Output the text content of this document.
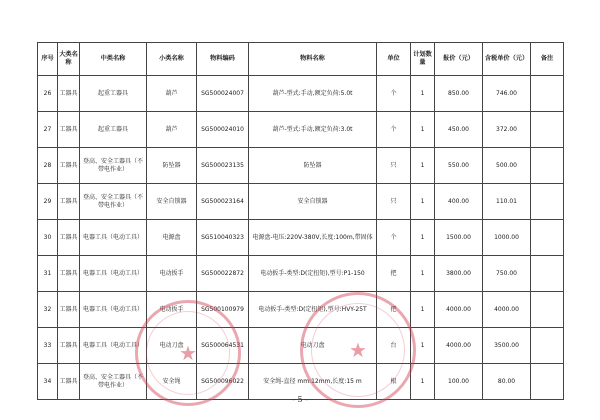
序号	大类名称	中类名称	小类名称	物料编码	物料名称	单位	计划数量	报价（元）	含税单价（元）	备注
26	工器具	起重工器具	葫芦	SG500024007	葫芦-型式:手动,额定负荷:5.0t	个	1	850.00	746.00	
27	工器具	起重工器具	葫芦	SG500024010	葫芦-型式:手动,额定负荷:3.0t	个	1	450.00	372.00	
28	工器具	登高、安全工器具（不带电作业）	防坠器	SG500023135	防坠器	只	1	550.00	500.00	
29	工器具	登高、安全工器具（不带电作业）	安全自锁器	SG500023164	安全自锁器	只	1	400.00	110.01	
30	工器具	电器工具（电动工具）	电源盘	SG510040323	电源盘-电压:220V-380V,长度:100m,带固体	个	1	1500.00	1000.00	
31	工器具	电器工具（电动工具）	电动扳手	SG500022872	电动扳手-类型:D(定扭矩),型号:P1-150	把	1	3800.00	750.00	
32	工器具	电器工具（电动工具）	电动扳手	SG500100979	电动扳手-类型:D(定扭矩),型号:HVY-25T	把	1	4000.00	4000.00	
33	工器具	电器工具（电动工具）	电动刀盘	SG500064531	电动刀盘	台	1	4000.00	3500.00	
34	工器具	登高、安全工器具（不带电作业）	安全绳	SG500096022	安全绳-直径 mm:12mm,长度:15 m	根	1	100.00	80.00	
★	★
- 5 -
